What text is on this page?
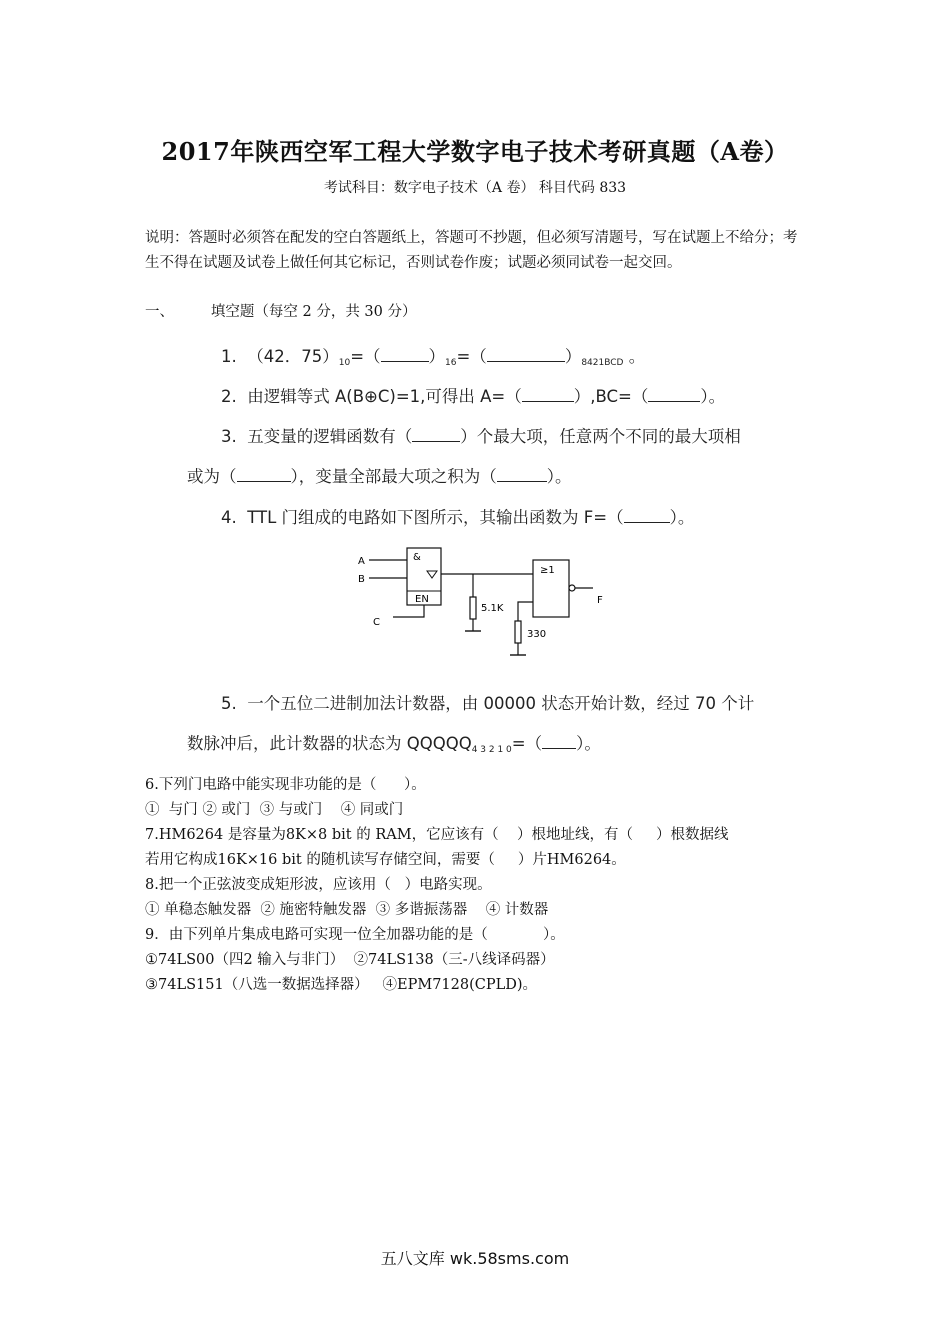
2017年陕西空军工程大学数字电子技术考研真题（A卷）
考试科目：数字电子技术（A 卷） 科目代码 833
说明：答题时必须答在配发的空白答题纸上，答题可不抄题，但必须写清题号，写在试题上不给分；考生不得在试题及试卷上做任何其它标记，否则试卷作废；试题必须同试卷一起交回。
一、	填空题（每空 2 分，共 30 分）
1. （42．$75)_{10}=$（	）$_{16}=$（	）$_{8421BCD}$ 。
2. 由逻辑等式 A(B⊕C)=1,可得出 A=（	）,BC=（	）。
3. 五变量的逻辑函数有（	）个最大项，任意两个不同的最大项相
或为（	），变量全部最大项之积为（	）。
4. TTL 门组成的电路如下图所示，其输出函数为 F=（	）。
A
B
C
&
EN
≥1
5.1K
330
F
5. 一个五位二进制加法计数器，由 00000 状态开始计数，经过 70 个计
数脉冲后，此计数器的状态为 $QQQQQ_{4 3 2 1 0}=$（ ）。
6.下列门电路中能实现非功能的是（      ）。
①  与门 ② 或门  ③ 与或门    ④ 同或门
7.HM6264 是容量为8K×8 bit 的 RAM，它应该有（    ）根地址线，有（     ）根数据线
若用它构成16K×16 bit 的随机读写存储空间，需要（     ）片HM6264。
8.把一个正弦波变成矩形波，应该用（   ）电路实现。
① 单稳态触发器  ② 施密特触发器  ③ 多谐振荡器    ④ 计数器
9．由下列单片集成电路可实现一位全加器功能的是（            ）。
①74LS00（四2 输入与非门）  ②74LS138（三-八线译码器）
③74LS151（八选一数据选择器）   ④EPM7128(CPLD)。
五八文库 wk.58sms.com
